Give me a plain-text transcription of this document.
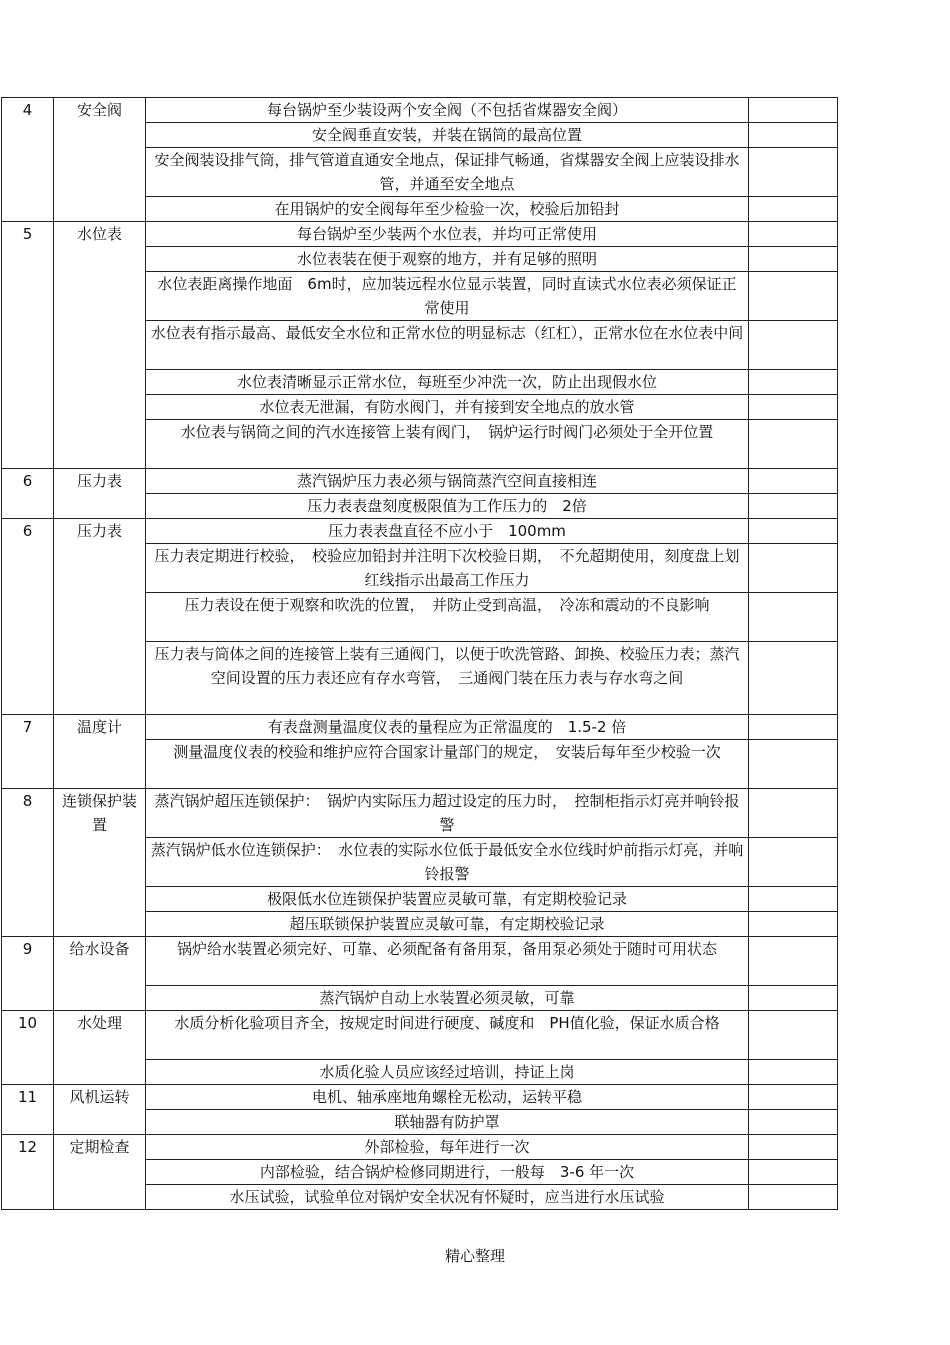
4	安全阀	每台锅炉至少装设两个安全阀（不包括省煤器安全阀）	
		安全阀垂直安装，并装在锅筒的最高位置	
		安全阀装设排气筒，排气管道直通安全地点，保证排气畅通，省煤器安全阀上应装设排水管，并通至安全地点	
		在用锅炉的安全阀每年至少检验一次，校验后加铅封	
5	水位表	每台锅炉至少装两个水位表，并均可正常使用	
		水位表装在便于观察的地方，并有足够的照明	
		水位表距离操作地面　6m时，应加装远程水位显示装置，同时直读式水位表必须保证正常使用	
		水位表有指示最高、最低安全水位和正常水位的明显标志（红杠），正常水位在水位表中间	
		水位表清晰显示正常水位，每班至少冲洗一次，防止出现假水位	
		水位表无泄漏，有防水阀门，并有接到安全地点的放水管	
		水位表与锅筒之间的汽水连接管上装有阀门，　锅炉运行时阀门必须处于全开位置	
6	压力表	蒸汽锅炉压力表必须与锅筒蒸汽空间直接相连	
		压力表表盘刻度极限值为工作压力的　2倍	
6	压力表	压力表表盘直径不应小于　100mm	
		压力表定期进行校验，　校验应加铅封并注明下次校验日期，　不允超期使用，刻度盘上划红线指示出最高工作压力	
		压力表设在便于观察和吹洗的位置，　并防止受到高温，　冷冻和震动的不良影响	
		压力表与筒体之间的连接管上装有三通阀门，以便于吹洗管路、卸换、校验压力表；蒸汽空间设置的压力表还应有存水弯管，　三通阀门装在压力表与存水弯之间	
7	温度计	有表盘测量温度仪表的量程应为正常温度的　1.5-2 倍	
		测量温度仪表的校验和维护应符合国家计量部门的规定，　安装后每年至少校验一次	
8	连锁保护装置	蒸汽锅炉超压连锁保护：　锅炉内实际压力超过设定的压力时，　控制柜指示灯亮并响铃报警	
		蒸汽锅炉低水位连锁保护：　水位表的实际水位低于最低安全水位线时炉前指示灯亮，并响铃报警	
		极限低水位连锁保护装置应灵敏可靠，有定期校验记录	
		超压联锁保护装置应灵敏可靠，有定期校验记录	
9	给水设备	锅炉给水装置必须完好、可靠、必须配备有备用泵，备用泵必须处于随时可用状态	
		蒸汽锅炉自动上水装置必须灵敏，可靠	
10	水处理	水质分析化验项目齐全，按规定时间进行硬度、碱度和　PH值化验，保证水质合格	
		水质化验人员应该经过培训，持证上岗	
11	风机运转	电机、轴承座地角螺栓无松动，运转平稳	
		联轴器有防护罩	
12	定期检查	外部检验，每年进行一次	
		内部检验，结合锅炉检修同期进行，一般每　3-6 年一次	
		水压试验，试验单位对锅炉安全状况有怀疑时，应当进行水压试验	
精心整理
